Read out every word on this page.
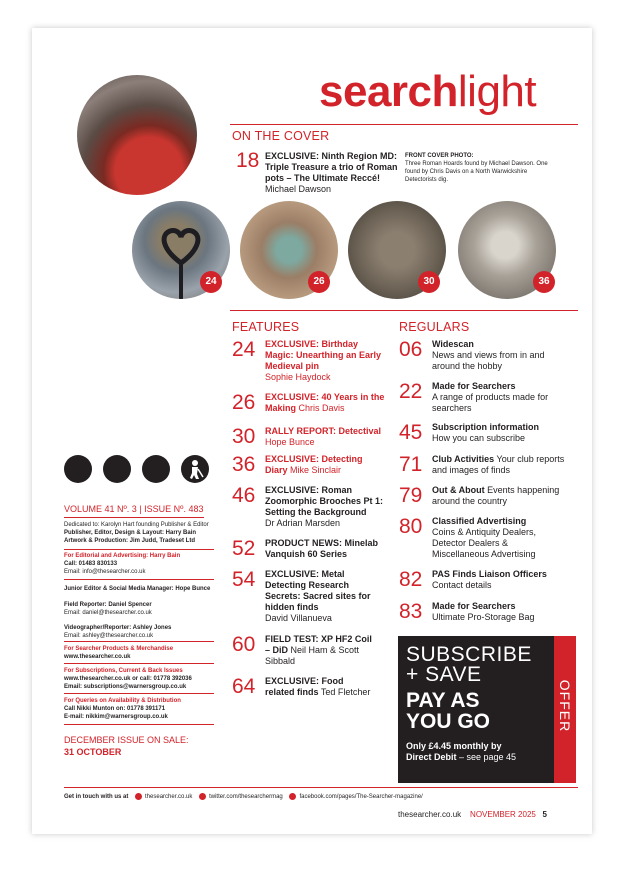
searchlight
ON THE COVER
18 EXCLUSIVE: Ninth Region MD: Triple Treasure a trio of Roman pots – The Ultimate Reccé!
Michael Dawson
FRONT COVER PHOTO:
Three Roman Hoards found by Michael Dawson. One found by Chris Davis on a North Warwickshire Detectorists dig.
24	26	30	36
FEATURES
24 EXCLUSIVE: Birthday Magic: Unearthing an Early Medieval pin
Sophie Haydock
26 EXCLUSIVE: 40 Years in the Making Chris Davis
30 RALLY REPORT: Detectival
Hope Bunce
36 EXCLUSIVE: Detecting Diary Mike Sinclair
46 EXCLUSIVE: Roman Zoomorphic Brooches Pt 1: Setting the Background
Dr Adrian Marsden
52 PRODUCT NEWS: Minelab Vanquish 60 Series
54 EXCLUSIVE: Metal Detecting Research Secrets: Sacred sites for hidden finds
David Villanueva
60 FIELD TEST: XP HF2 Coil – DiD Neil Ham & Scott Sibbald
64 EXCLUSIVE: Food related finds Ted Fletcher
REGULARS
06 Widescan
News and views from in and around the hobby
22 Made for Searchers
A range of products made for searchers
45 Subscription information
How you can subscribe
71 Club Activities Your club reports and images of finds
79 Out & About Events happening around the country
80 Classified Advertising
Coins & Antiquity Dealers, Detector Dealers & Miscellaneous Advertising
82 PAS Finds Liaison Officers
Contact details
83 Made for Searchers
Ultimate Pro-Storage Bag
SUBSCRIBE
+ SAVE
PAY AS
YOU GO
Only £4.45 monthly by
Direct Debit – see page 45
OFFER
VOLUME 41 Nº. 3 | ISSUE Nº. 483
Dedicated to: Karolyn Hart founding Publisher & Editor
Publisher, Editor, Design & Layout: Harry Bain
Artwork & Production: Jim Judd, Tradeset Ltd
For Editorial and Advertising: Harry Bain
Call: 01483 830133
Email: info@thesearcher.co.uk
Junior Editor & Social Media Manager: Hope Bunce
Field Reporter: Daniel Spencer
Email: daniel@thesearcher.co.uk
Videographer/Reporter: Ashley Jones
Email: ashley@thesearcher.co.uk
For Searcher Products & Merchandise
www.thesearcher.co.uk
For Subscriptions, Current & Back Issues
www.thesearcher.co.uk or call: 01778 392036
Email: subscriptions@warnersgroup.co.uk
For Queries on Availability & Distribution
Call Nikki Munton on: 01778 391171
E-mail: nikkim@warnersgroup.co.uk
DECEMBER ISSUE ON SALE:
31 OCTOBER
Get in touch with us at	thesearcher.co.uk	twitter.com/thesearchermag	facebook.com/pages/The-Searcher-magazine/
thesearcher.co.uk NOVEMBER 2025 5
